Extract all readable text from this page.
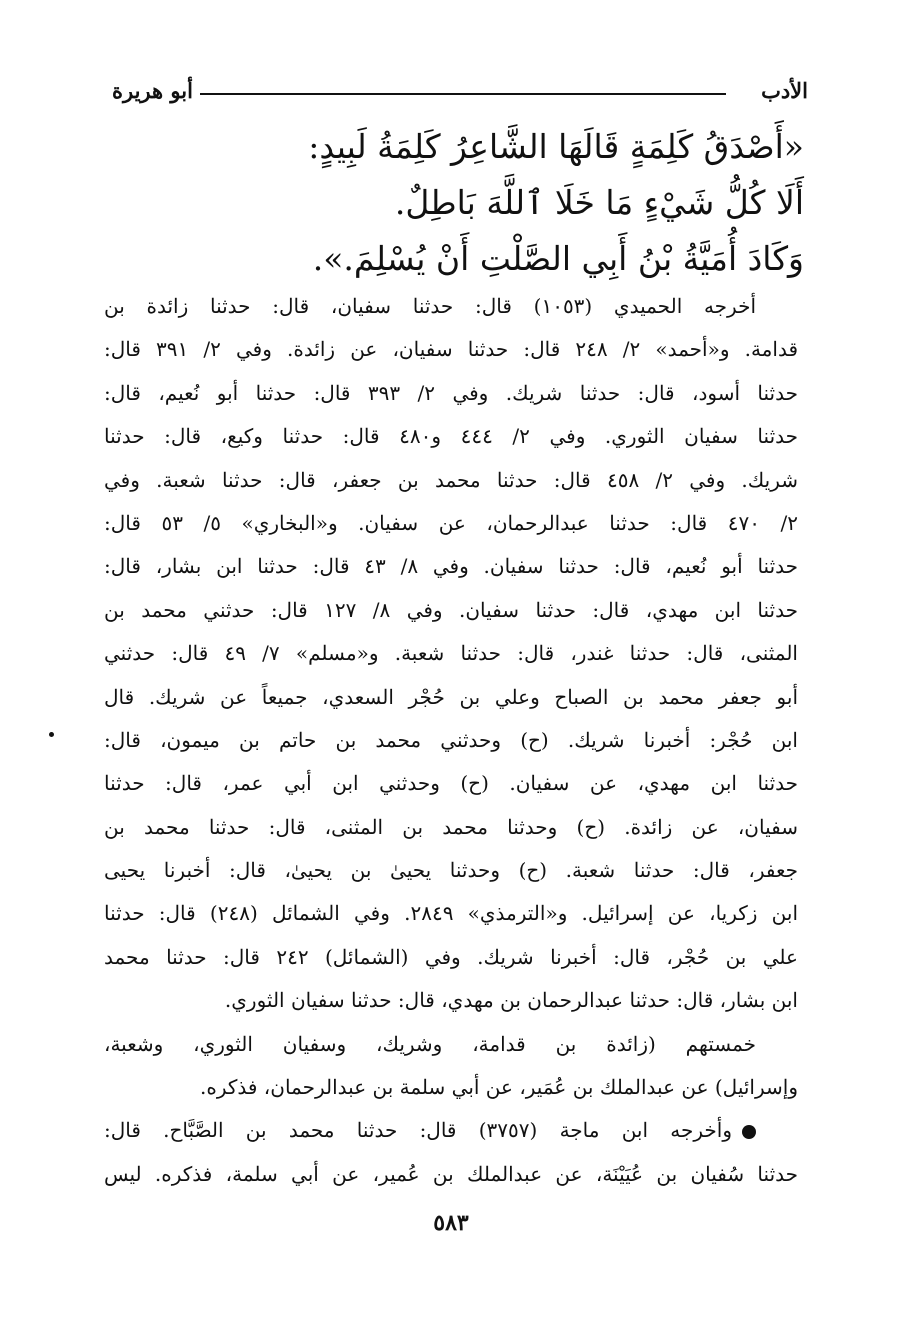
الأدب
أبو هريرة
«أَصْدَقُ كَلِمَةٍ قَالَهَا الشَّاعِرُ كَلِمَةُ لَبِيدٍ:
أَلَا كُلُّ شَيْءٍ مَا خَلَا ٱللَّهَ بَاطِلٌ.
وَكَادَ أُمَيَّةُ بْنُ أَبِي الصَّلْتِ أَنْ يُسْلِمَ.».
أخرجه الحميدي (١٠٥٣) قال: حدثنا سفيان، قال: حدثنا زائدة بن
قدامة. و«أحمد» ٢/ ٢٤٨ قال: حدثنا سفيان، عن زائدة. وفي ٢/ ٣٩١ قال:
حدثنا أسود، قال: حدثنا شريك. وفي ٢/ ٣٩٣ قال: حدثنا أبو نُعيم، قال:
حدثنا سفيان الثوري. وفي ٢/ ٤٤٤ و٤٨٠ قال: حدثنا وكيع، قال: حدثنا
شريك. وفي ٢/ ٤٥٨ قال: حدثنا محمد بن جعفر، قال: حدثنا شعبة. وفي
٢/ ٤٧٠ قال: حدثنا عبدالرحمان، عن سفيان. و«البخاري» ٥/ ٥٣ قال:
حدثنا أبو نُعيم، قال: حدثنا سفيان. وفي ٨/ ٤٣ قال: حدثنا ابن بشار، قال:
حدثنا ابن مهدي، قال: حدثنا سفيان. وفي ٨/ ١٢٧ قال: حدثني محمد بن
المثنى، قال: حدثنا غندر، قال: حدثنا شعبة. و«مسلم» ٧/ ٤٩ قال: حدثني
أبو جعفر محمد بن الصباح وعلي بن حُجْر السعدي، جميعاً عن شريك. قال
ابن حُجْر: أخبرنا شريك. (ح) وحدثني محمد بن حاتم بن ميمون، قال:
حدثنا ابن مهدي، عن سفيان. (ح) وحدثني ابن أبي عمر، قال: حدثنا
سفيان، عن زائدة. (ح) وحدثنا محمد بن المثنى، قال: حدثنا محمد بن
جعفر، قال: حدثنا شعبة. (ح) وحدثنا يحيىٰ بن يحيىٰ، قال: أخبرنا يحيى
ابن زكريا، عن إسرائيل. و«الترمذي» ٢٨٤٩. وفي الشمائل (٢٤٨) قال: حدثنا
علي بن حُجْر، قال: أخبرنا شريك. وفي (الشمائل) ٢٤٢ قال: حدثنا محمد
ابن بشار، قال: حدثنا عبدالرحمان بن مهدي، قال: حدثنا سفيان الثوري.
خمستهم (زائدة بن قدامة، وشريك، وسفيان الثوري، وشعبة،
وإسرائيل) عن عبدالملك بن عُمَير، عن أبي سلمة بن عبدالرحمان، فذكره.
وأخرجه ابن ماجة (٣٧٥٧) قال: حدثنا محمد بن الصَّبَّاح. قال:
حدثنا سُفيان بن عُيَيْنَة، عن عبدالملك بن عُمير، عن أبي سلمة، فذكره. ليس
٥٨٣
